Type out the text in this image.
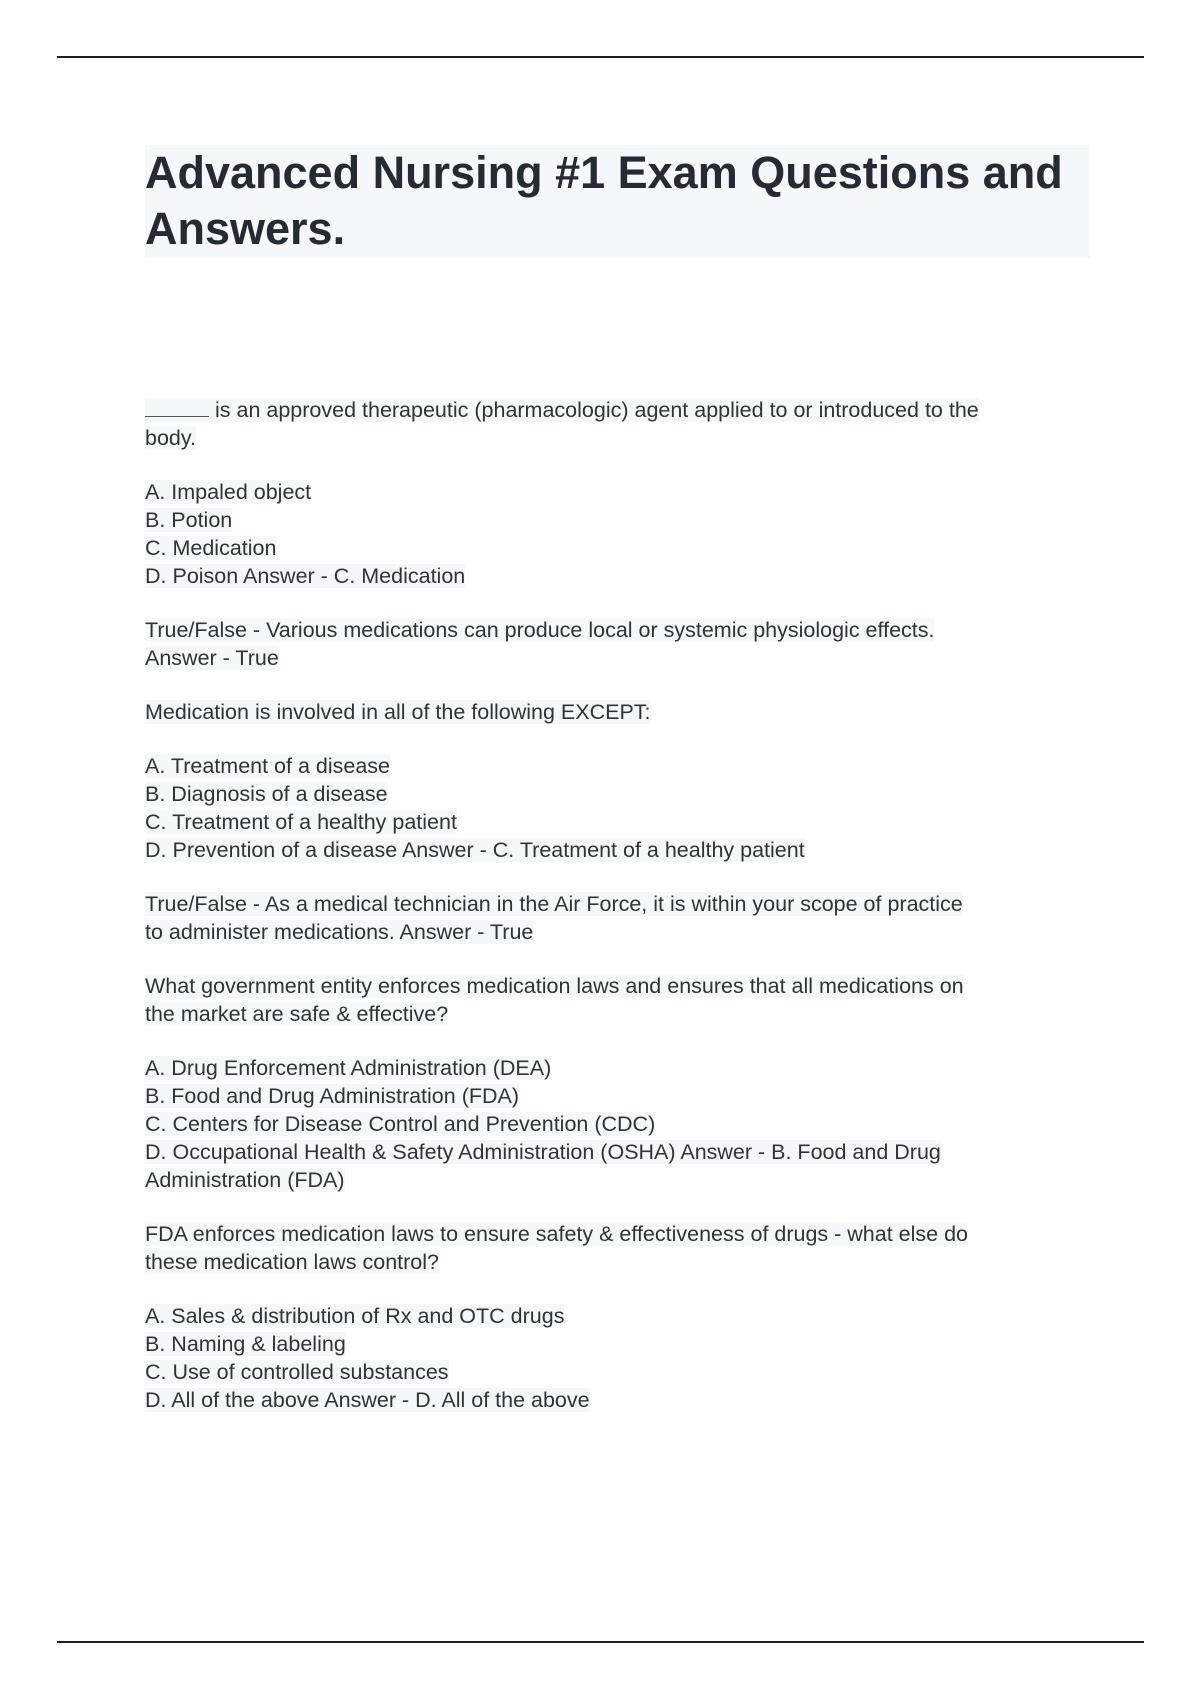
Advanced Nursing #1 Exam Questions and Answers.
is an approved therapeutic (pharmacologic) agent applied to or introduced to the
body.
A. Impaled object
B. Potion
C. Medication
D. Poison Answer - C. Medication
True/False - Various medications can produce local or systemic physiologic effects.
Answer - True
Medication is involved in all of the following EXCEPT:
A. Treatment of a disease
B. Diagnosis of a disease
C. Treatment of a healthy patient
D. Prevention of a disease Answer - C. Treatment of a healthy patient
True/False - As a medical technician in the Air Force, it is within your scope of practice
to administer medications. Answer - True
What government entity enforces medication laws and ensures that all medications on
the market are safe & effective?
A. Drug Enforcement Administration (DEA)
B. Food and Drug Administration (FDA)
C. Centers for Disease Control and Prevention (CDC)
D. Occupational Health & Safety Administration (OSHA) Answer - B. Food and Drug
Administration (FDA)
FDA enforces medication laws to ensure safety & effectiveness of drugs - what else do
these medication laws control?
A. Sales & distribution of Rx and OTC drugs
B. Naming & labeling
C. Use of controlled substances
D. All of the above Answer - D. All of the above
